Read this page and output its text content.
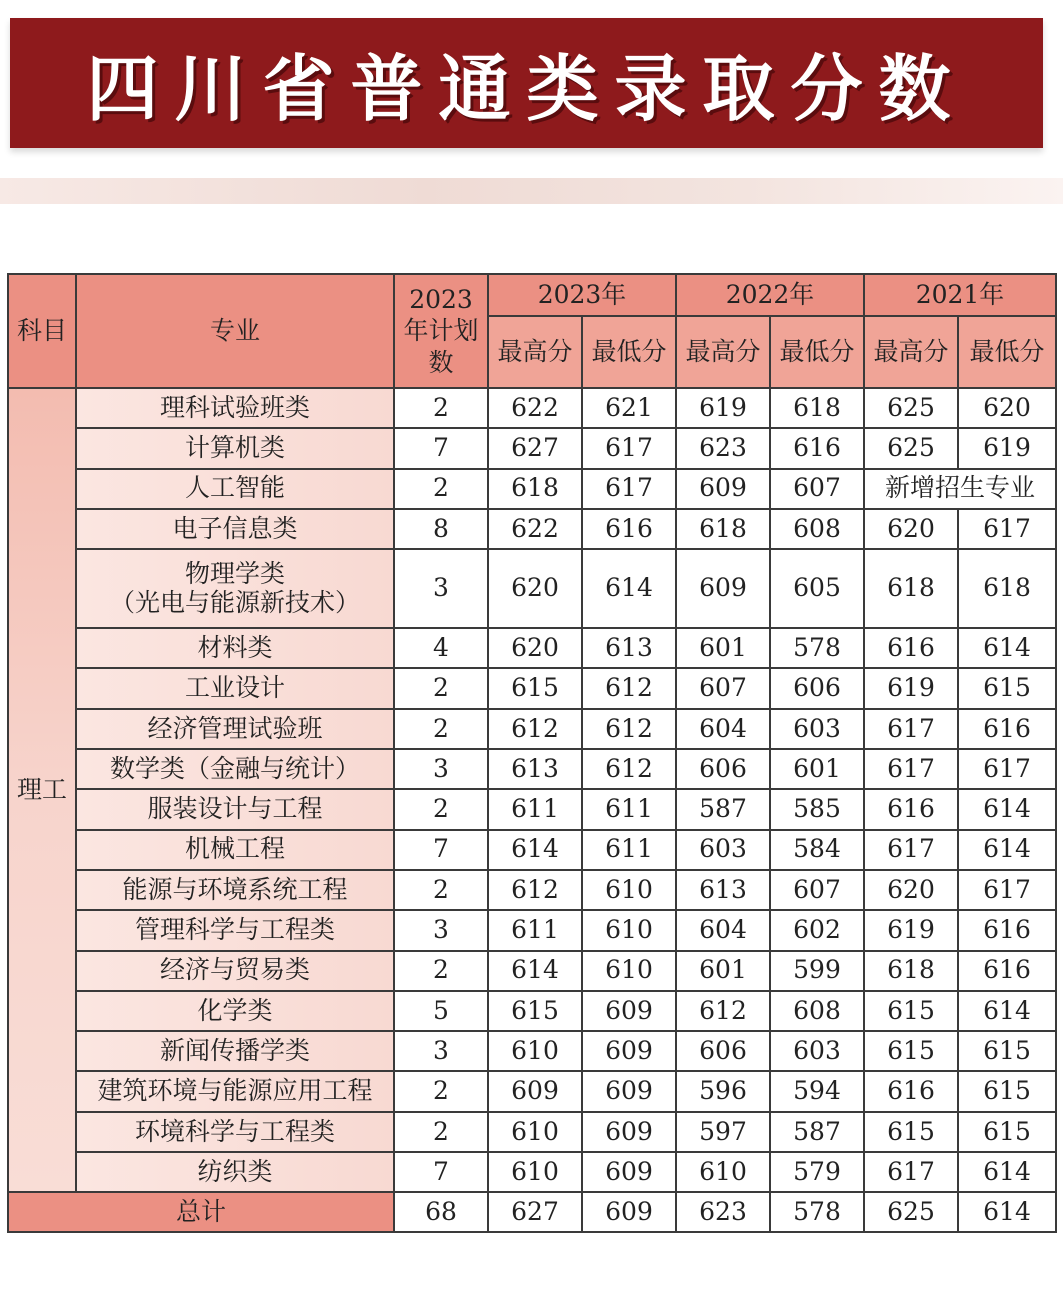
四川省普通类录取分数
科目	专业	2023年计划数	2023年		2022年		2021年	
			最高分	最低分	最高分	最低分	最高分	最低分
理工	理科试验班类	2	622	621	619	618	625	620

	计算机类	7	627	617	623	616	625	619

	人工智能	2	618	617	609	607	新增招生专业	

	电子信息类	8	622	616	618	608	620	617

	物理学类
（光电与能源新技术）	3	620	614	609	605	618	618

	材料类	4	620	613	601	578	616	614

	工业设计	2	615	612	607	606	619	615

	经济管理试验班	2	612	612	604	603	617	616

	数学类（金融与统计）	3	613	612	606	601	617	617

	服装设计与工程	2	611	611	587	585	616	614

	机械工程	7	614	611	603	584	617	614

	能源与环境系统工程	2	612	610	613	607	620	617

	管理科学与工程类	3	611	610	604	602	619	616

	经济与贸易类	2	614	610	601	599	618	616

	化学类	5	615	609	612	608	615	614

	新闻传播学类	3	610	609	606	603	615	615

	建筑环境与能源应用工程	2	609	609	596	594	616	615

	环境科学与工程类	2	610	609	597	587	615	615

	纺织类	7	610	609	610	579	617	614
总计		68	627	609	623	578	625	614
